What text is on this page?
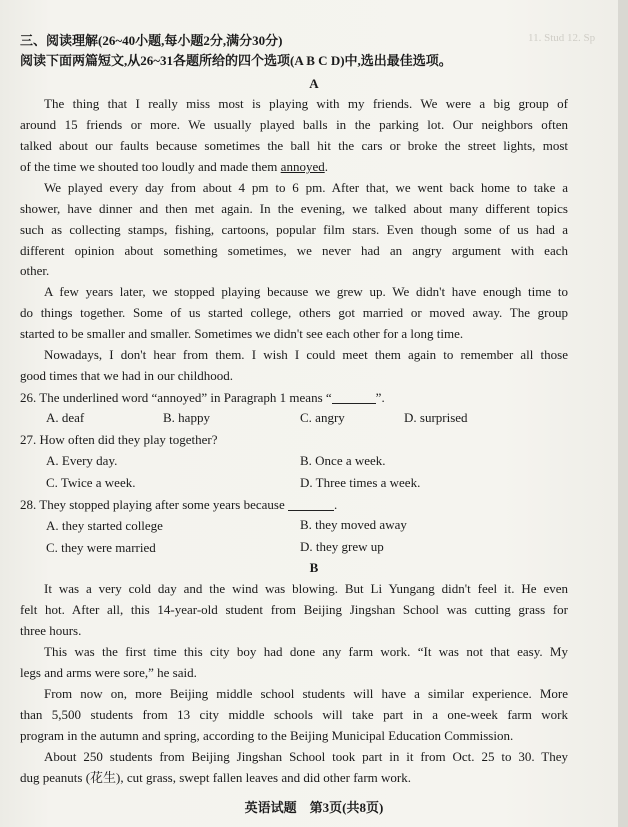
11. Stud 12. Sp
三、阅读理解(26~40小题,每小题2分,满分30分)
阅读下面两篇短文,从26~31各题所给的四个选项(A B C D)中,选出最佳选项。
A
The thing that I really miss most is playing with my friends. We were a big group of
around 15 friends or more. We usually played balls in the parking lot. Our neighbors often
talked about our faults because sometimes the ball hit the cars or broke the street lights, most
of the time we shouted too loudly and made them annoyed.
We played every day from about 4 pm to 6 pm. After that, we went back home to take a
shower, have dinner and then met again. In the evening, we talked about many different topics
such as collecting stamps, fishing, cartoons, popular film stars. Even though some of us had a
different opinion about something sometimes, we never had an angry argument with each
other.
A few years later, we stopped playing because we grew up. We didn't have enough time to
do things together. Some of us started college, others got married or moved away. The group
started to be smaller and smaller. Sometimes we didn't see each other for a long time.
Nowadays, I don't hear from them. I wish I could meet them again to remember all those
good times that we had in our childhood.
26. The underlined word “annoyed” in Paragraph 1 means “	”.
A. deaf	B. happy	C. angry	D. surprised
27. How often did they play together?
A. Every day.	B. Once a week.
C. Twice a week.	D. Three times a week.
28. They stopped playing after some years because	.
A. they started college	B. they moved away
C. they were married	D. they grew up
B
It was a very cold day and the wind was blowing. But Li Yungang didn't feel it. He even
felt hot. After all, this 14-year-old student from Beijing Jingshan School was cutting grass for
three hours.
This was the first time this city boy had done any farm work. “It was not that easy. My
legs and arms were sore,” he said.
From now on, more Beijing middle school students will have a similar experience. More
than 5,500 students from 13 city middle schools will take part in a one-week farm work
program in the autumn and spring, according to the Beijing Municipal Education Commission.
About 250 students from Beijing Jingshan School took part in it from Oct. 25 to 30. They
dug peanuts (花生), cut grass, swept fallen leaves and did other farm work.
英语试题　第3页(共8页)
